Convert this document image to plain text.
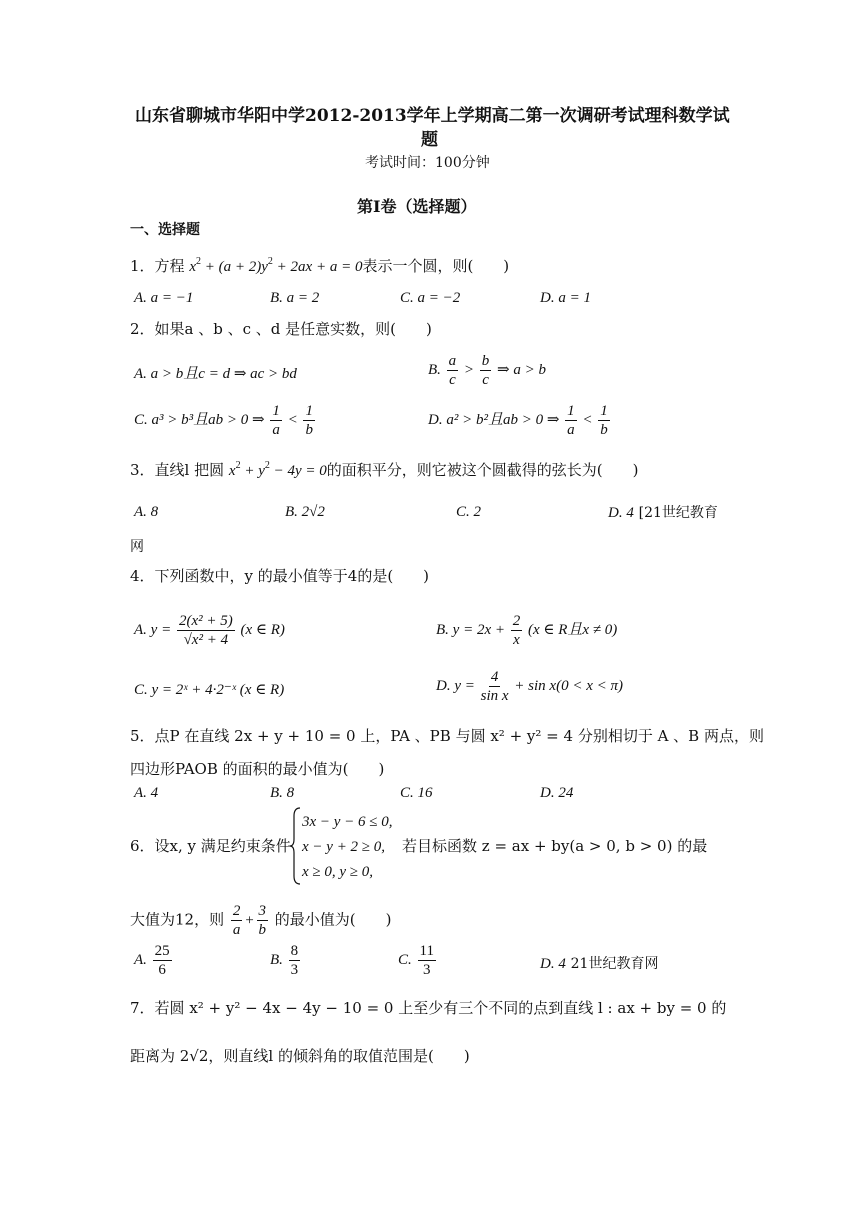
山东省聊城市华阳中学2012-2013学年上学期高二第一次调研考试理科数学试
题
考试时间：100分钟
第Ⅰ卷（选择题）
一、选择题
1．方程 $x^2 + (a + 2)y^2 + 2ax + a = 0$表示一个圆，则(　　)
A. a = −1	B. a = 2	C. a = −2	D. a = 1
2．如果a 、b 、c 、d 是任意实数，则(　　)
A. a > b且c = d ⇒ ac > bd	B. $\frac{a}{c} > \frac{b}{c}$ ⇒ a > b
C. a³ > b³且ab > 0 ⇒ $\frac{1}{a} < \frac{1}{b}$	D. a² > b²且ab > 0 ⇒ $\frac{1}{a} < \frac{1}{b}$
3．直线l 把圆 $x^2 + y^2 - 4y = 0$的面积平分，则它被这个圆截得的弦长为(　　)
A. 8	B. 2√2	C. 2	D. 4 [21世纪教育
网
4．下列函数中，y 的最小值等于4的是(　　)
A. $y = \frac{\text{2(x² + 5)}}{\text{√x² + 4}} (x$ ∈ R)	B. $y = 2x + \frac{2}{x} (x$ ∈ R且x ≠ 0)
C. y = 2ˣ + 4·2⁻ˣ (x ∈ R)	D. $y = \frac{4}{\text{sin x}} + \sin x(0 < x < \pi)$
5．点P 在直线 2x + y + 10 = 0 上，PA 、PB 与圆 x² + y² = 4 分别相切于 A 、B 两点，则
四边形PAOB 的面积的最小值为(　　)
A. 4	B. 8	C. 16	D. 24
6．设x, y 满足约束条件
3x − y − 6 ≤ 0,
x − y + 2 ≥ 0,
x ≥ 0, y ≥ 0,
若目标函数 z = ax + by(a > 0, b > 0) 的最
大值为12，则 $\frac{2}{a} + \frac{3}{b}$ 的最小值为(　　)
A. $\frac{25}{6}$	B. $\frac{8}{3}$	C. $\frac{11}{3}$	D. 4 21世纪教育网
7．若圆 x² + y² − 4x − 4y − 10 = 0 上至少有三个不同的点到直线 l : ax + by = 0 的
距离为 2√2，则直线l 的倾斜角的取值范围是(　　)
